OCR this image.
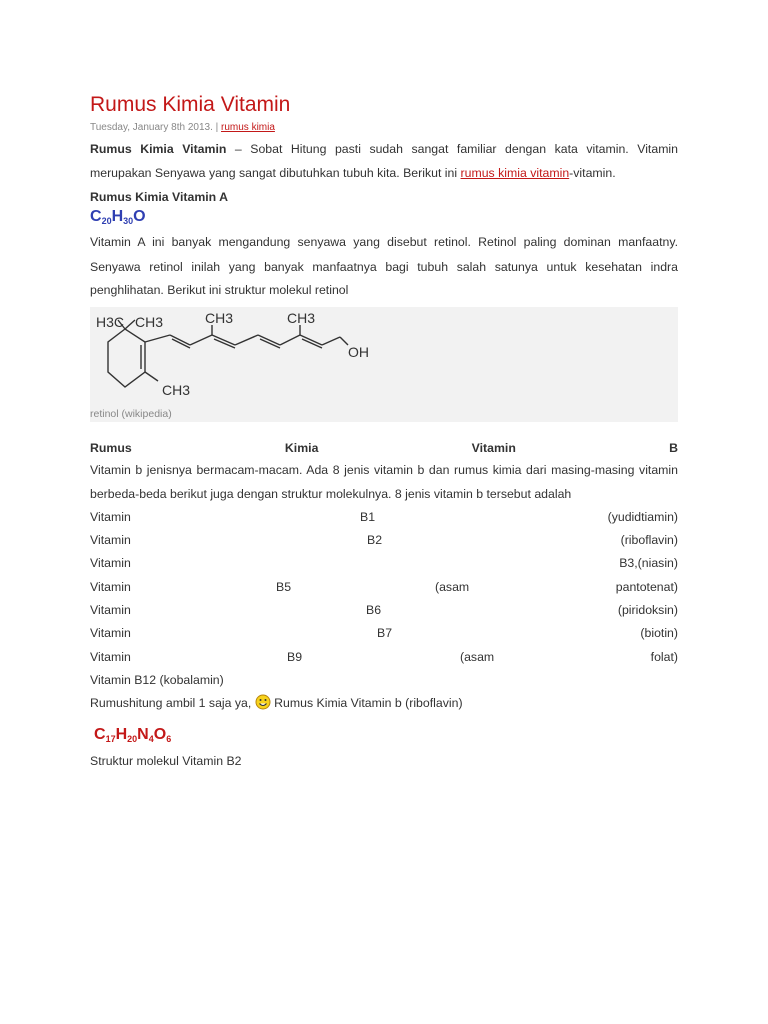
Rumus Kimia Vitamin
Tuesday, January 8th 2013. | rumus kimia
Rumus Kimia Vitamin – Sobat Hitung pasti sudah sangat familiar dengan kata vitamin. Vitamin
merupakan Senyawa yang sangat dibutuhkan tubuh kita. Berikut ini rumus kimia vitamin-vitamin.
Rumus Kimia Vitamin A
$C_{20}H_{30}O$
Vitamin A ini banyak mengandung senyawa yang disebut retinol. Retinol paling dominan manfaatny.
Senyawa retinol inilah yang banyak manfaatnya bagi tubuh salah satunya untuk kesehatan indra
penghlihatan. Berikut ini struktur molekul retinol
H3C CH3	CH3	CH3
OH
CH3
retinol (wikipedia)
Rumus	Kimia	Vitamin	B
Vitamin b jenisnya bermacam-macam. Ada 8 jenis vitamin b dan rumus kimia dari masing-masing vitamin
berbeda-beda berikut juga dengan struktur molekulnya. 8 jenis vitamin b tersebut adalah
Vitamin	B1	(yudidtiamin)
Vitamin	B2	(riboflavin)
Vitamin	B3,(niasin)
Vitamin	B5	(asam	pantotenat)
Vitamin	B6	(piridoksin)
Vitamin	B7	(biotin)
Vitamin	B9	(asam	folat)
Vitamin B12 (kobalamin)
Rumushitung ambil 1 saja ya,  Rumus Kimia Vitamin b (riboflavin)
$C_{17}H_{20}N_4O_6$
Struktur molekul Vitamin B2
